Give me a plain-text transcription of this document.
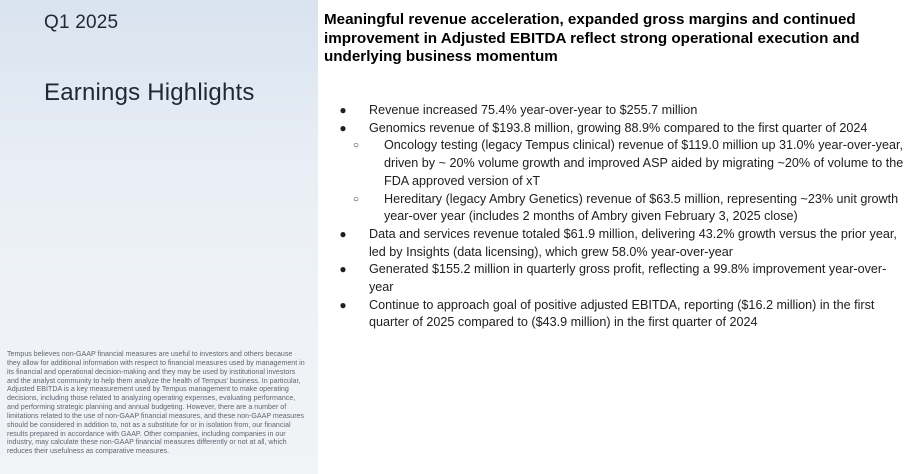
Q1 2025
Earnings Highlights

Tempus believes non-GAAP financial measures are useful to investors and others because they allow for additional information with respect to financial measures used by management in its financial and operational decision-making and they may be used by institutional investors and the analyst community to help them analyze the health of Tempus' business. In particular, Adjusted EBITDA is a key measurement used by Tempus management to make operating decisions, including those related to analyzing operating expenses, evaluating performance, and performing strategic planning and annual budgeting. However, there are a number of limitations related to the use of non-GAAP financial measures, and these non-GAAP measures should be considered in addition to, not as a substitute for or in isolation from, our financial results prepared in accordance with GAAP. Other companies, including companies in our industry, may calculate these non-GAAP financial measures differently or not at all, which reduces their usefulness as comparative measures.

Meaningful revenue acceleration, expanded gross margins and continued improvement in Adjusted EBITDA reflect strong operational execution and underlying business momentum

● Revenue increased 75.4% year-over-year to $255.7 million
● Genomics revenue of $193.8 million, growing 88.9% compared to the first quarter of 2024
○ Oncology testing (legacy Tempus clinical) revenue of $119.0 million up 31.0% year-over-year, driven by ~ 20% volume growth and improved ASP aided by migrating ~20% of volume to the FDA approved version of xT
○ Hereditary (legacy Ambry Genetics) revenue of $63.5 million, representing ~23% unit growth year-over year (includes 2 months of Ambry given February 3, 2025 close)
● Data and services revenue totaled $61.9 million, delivering 43.2% growth versus the prior year, led by Insights (data licensing), which grew 58.0% year-over-year
● Generated $155.2 million in quarterly gross profit, reflecting a 99.8% improvement year-over-year
● Continue to approach goal of positive adjusted EBITDA, reporting ($16.2 million) in the first quarter of 2025 compared to ($43.9 million) in the first quarter of 2024
